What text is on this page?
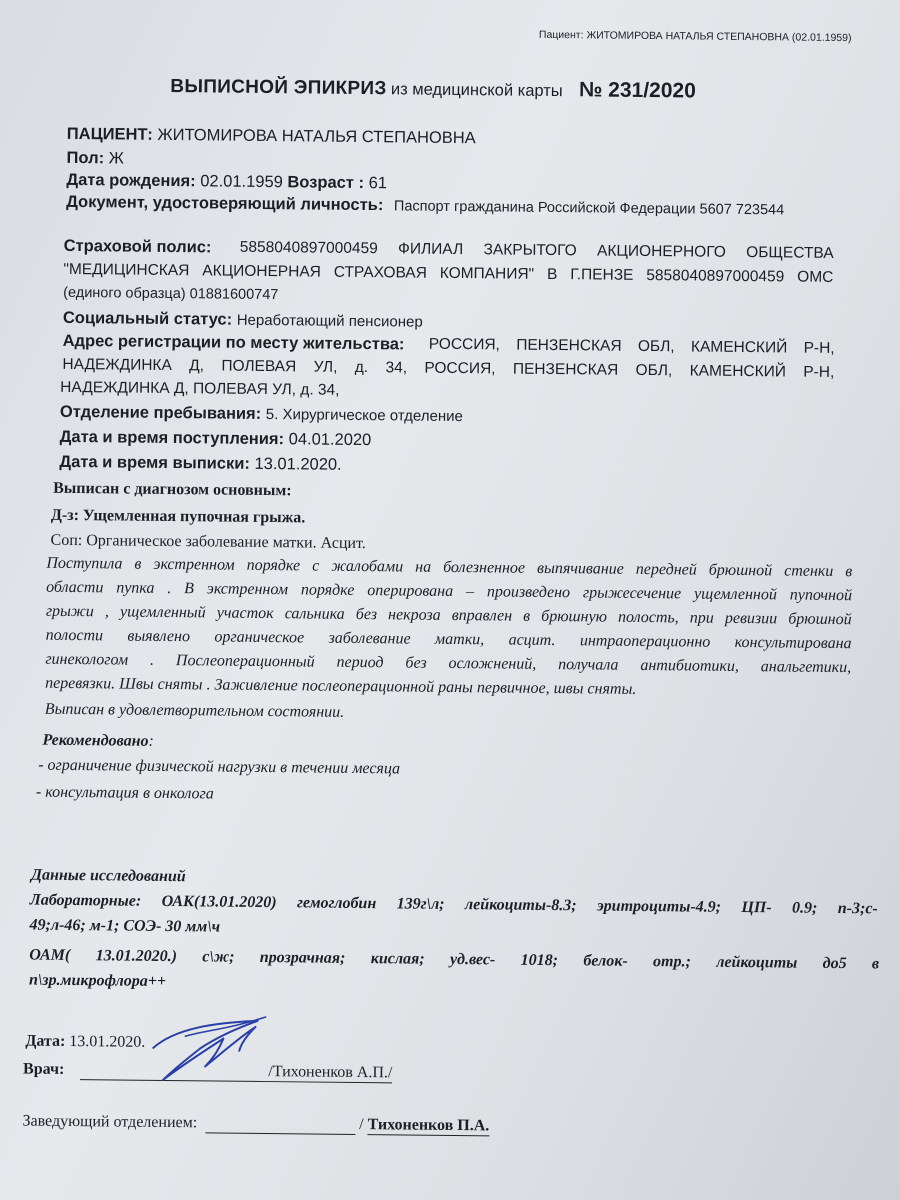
Пациент: ЖИТОМИРОВА НАТАЛЬЯ СТЕПАНОВНА (02.01.1959)
ВЫПИСНОЙ ЭПИКРИЗ из медицинской карты № 231/2020
ПАЦИЕНТ: ЖИТОМИРОВА НАТАЛЬЯ СТЕПАНОВНА
Пол: Ж
Дата рождения: 02.01.1959 Возраст : 61
Документ, удостоверяющий личность: Паспорт гражданина Российской Федерации 5607 723544
Страховой полис: 5858040897000459 ФИЛИАЛ ЗАКРЫТОГО АКЦИОНЕРНОГО ОБЩЕСТВА
"МЕДИЦИНСКАЯ АКЦИОНЕРНАЯ СТРАХОВАЯ КОМПАНИЯ" В Г.ПЕНЗЕ 5858040897000459 ОМС
(единого образца) 01881600747
Социальный статус: Неработающий пенсионер
Адрес регистрации по месту жительства: РОССИЯ, ПЕНЗЕНСКАЯ ОБЛ, КАМЕНСКИЙ Р-Н,
НАДЕЖДИНКА Д, ПОЛЕВАЯ УЛ, д. 34, РОССИЯ, ПЕНЗЕНСКАЯ ОБЛ, КАМЕНСКИЙ Р-Н,
НАДЕЖДИНКА Д, ПОЛЕВАЯ УЛ, д. 34,
Отделение пребывания: 5. Хирургическое отделение
Дата и время поступления: 04.01.2020
Дата и время выписки: 13.01.2020.
Выписан с диагнозом основным:
Д-з: Ущемленная пупочная грыжа.
Соп: Органическое заболевание матки. Асцит.
Поступила в экстренном порядке с жалобами на болезненное выпячивание передней брюшной стенки в
области пупка . В экстренном порядке оперирована – произведено грыжесечение ущемленной пупочной
грыжи , ущемленный участок сальника без некроза вправлен в брюшную полость, при ревизии брюшной
полости выявлено органическое заболевание матки, асцит. интраоперационно консультирована
гинекологом . Послеоперационный период без осложнений, получала антибиотики, анальгетики,
перевязки. Швы сняты . Заживление послеоперационной раны первичное, швы сняты.
Выписан в удовлетворительном состоянии.
Рекомендовано:
- ограничение физической нагрузки в течении месяца
- консультация в онколога
Данные исследований
Лабораторные: ОАК(13.01.2020) гемоглобин 139г\л; лейкоциты-8.3; эритроциты-4.9; ЦП- 0.9; п-3;с-
49;л-46; м-1; СОЭ- 30 мм\ч
ОАМ( 13.01.2020.) с\ж; прозрачная; кислая; уд.вес- 1018; белок- отр.; лейкоциты до5 в
п\зр.микрофлора++
Дата: 13.01.2020.
Врач:	/Тихоненков А.П./
Заведующий отделением:	/ Тихоненков П.А.
